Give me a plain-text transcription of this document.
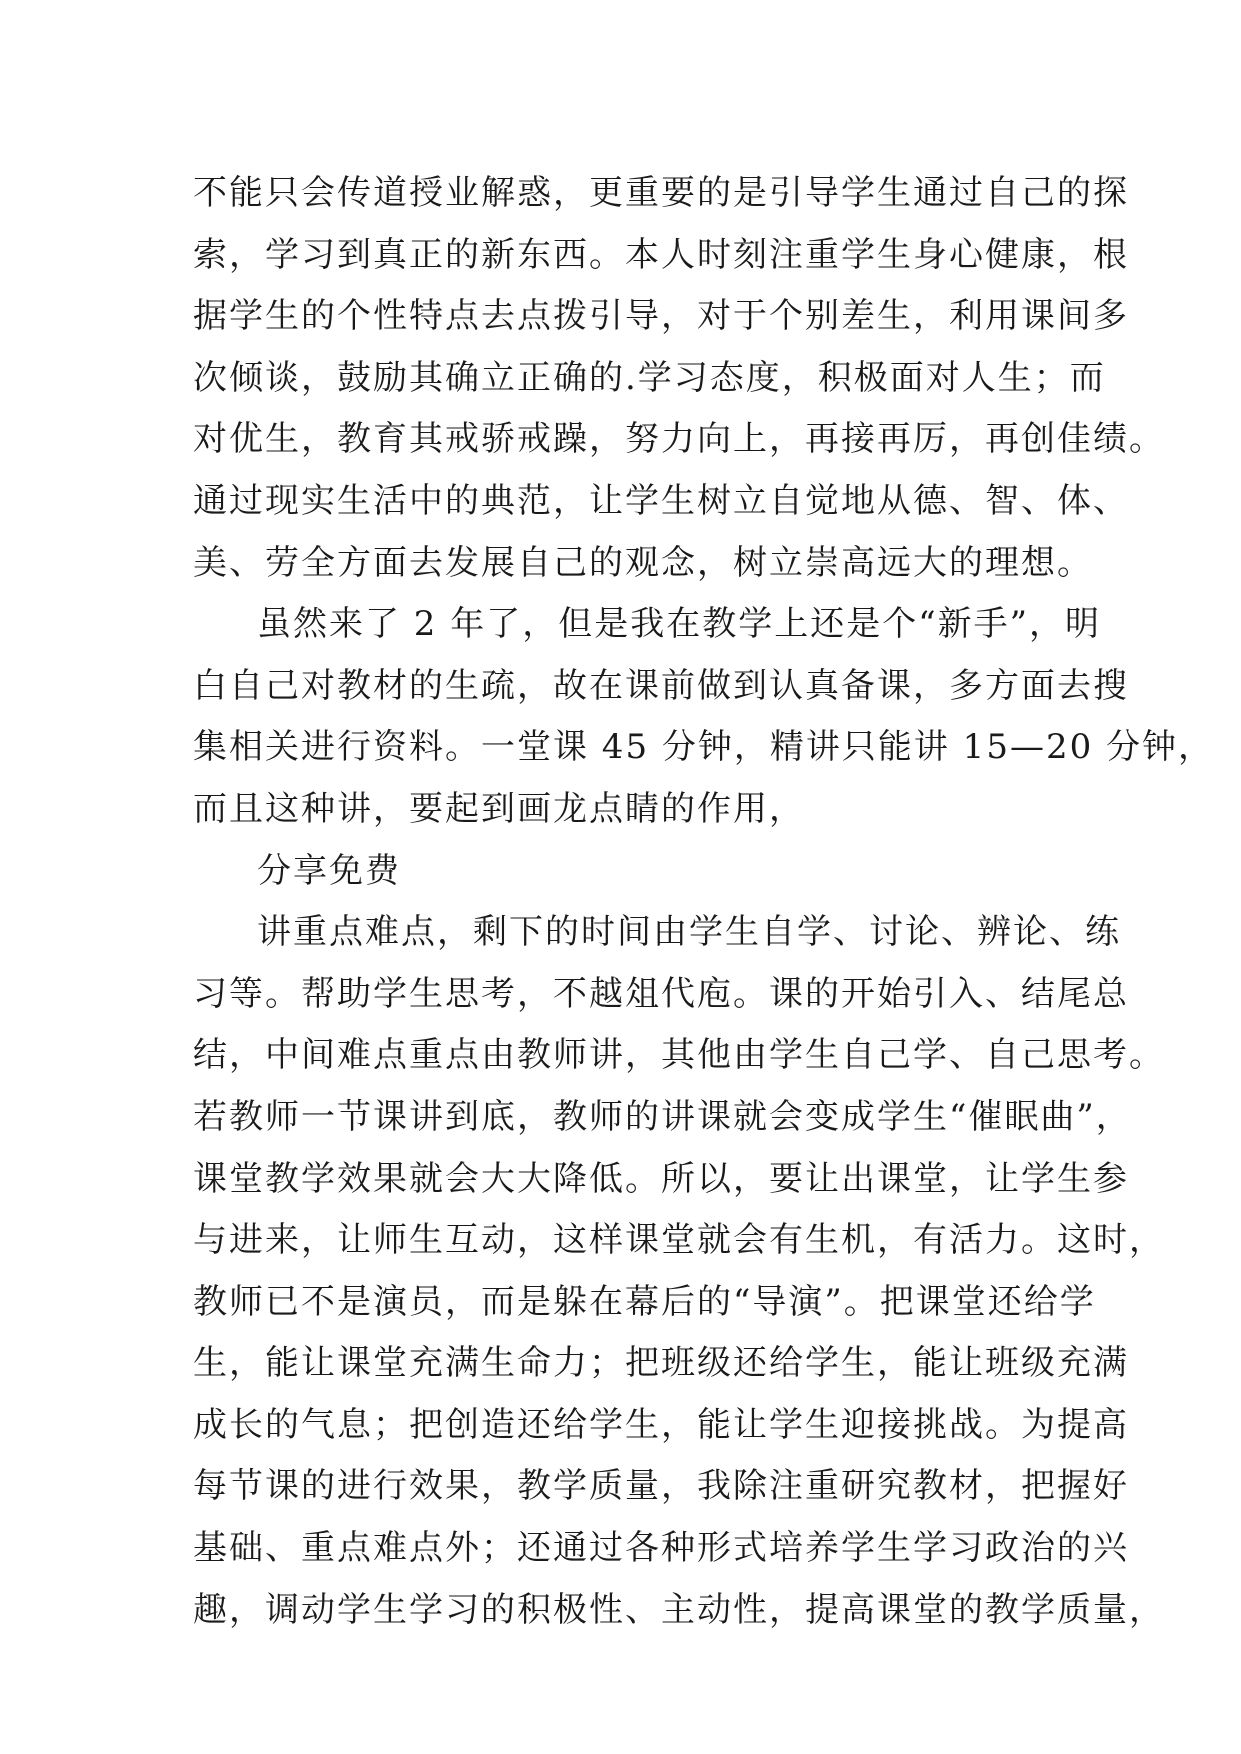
不能只会传道授业解惑，更重要的是引导学生通过自己的探
索，学习到真正的新东西。本人时刻注重学生身心健康，根
据学生的个性特点去点拨引导，对于个别差生，利用课间多
次倾谈，鼓励其确立正确的.学习态度，积极面对人生；而
对优生，教育其戒骄戒躁，努力向上，再接再厉，再创佳绩。
通过现实生活中的典范，让学生树立自觉地从德、智、体、
美、劳全方面去发展自己的观念，树立崇高远大的理想。
虽然来了 2 年了，但是我在教学上还是个“新手”，明
白自己对教材的生疏，故在课前做到认真备课，多方面去搜
集相关进行资料。一堂课 45 分钟，精讲只能讲 15—20 分钟，
而且这种讲，要起到画龙点睛的作用，
分享免费
讲重点难点，剩下的时间由学生自学、讨论、辨论、练
习等。帮助学生思考，不越俎代庖。课的开始引入、结尾总
结，中间难点重点由教师讲，其他由学生自己学、自己思考。
若教师一节课讲到底，教师的讲课就会变成学生“催眠曲”，
课堂教学效果就会大大降低。所以，要让出课堂，让学生参
与进来，让师生互动，这样课堂就会有生机，有活力。这时，
教师已不是演员，而是躲在幕后的“导演”。把课堂还给学
生，能让课堂充满生命力；把班级还给学生，能让班级充满
成长的气息；把创造还给学生，能让学生迎接挑战。为提高
每节课的进行效果，教学质量，我除注重研究教材，把握好
基础、重点难点外；还通过各种形式培养学生学习政治的兴
趣，调动学生学习的积极性、主动性，提高课堂的教学质量，
